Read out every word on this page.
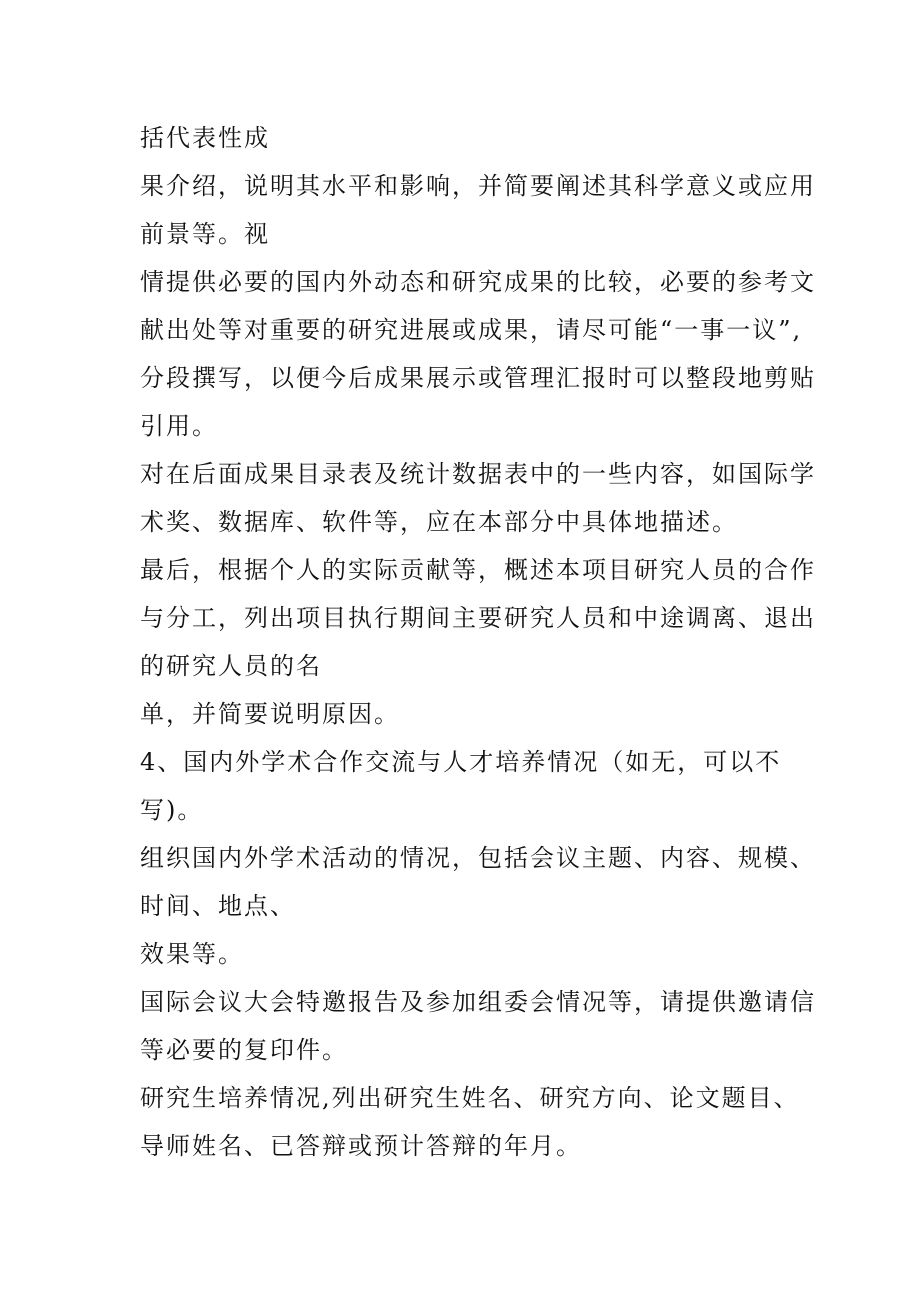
括代表性成
果介绍，说明其水平和影响，并简要阐述其科学意义或应用
前景等。视
情提供必要的国内外动态和研究成果的比较，必要的参考文
献出处等对重要的研究进展或成果，请尽可能“一事一议”,
分段撰写，以便今后成果展示或管理汇报时可以整段地剪贴
引用。
对在后面成果目录表及统计数据表中的一些内容，如国际学
术奖、数据库、软件等，应在本部分中具体地描述。
最后，根据个人的实际贡献等，概述本项目研究人员的合作
与分工，列出项目执行期间主要研究人员和中途调离、退出
的研究人员的名
单，并简要说明原因。
4、国内外学术合作交流与人才培养情况（如无，可以不
写)。
组织国内外学术活动的情况，包括会议主题、内容、规模、
时间、地点、
效果等。
国际会议大会特邀报告及参加组委会情况等，请提供邀请信
等必要的复印件。
研究生培养情况,列出研究生姓名、研究方向、论文题目、
导师姓名、已答辩或预计答辩的年月。
